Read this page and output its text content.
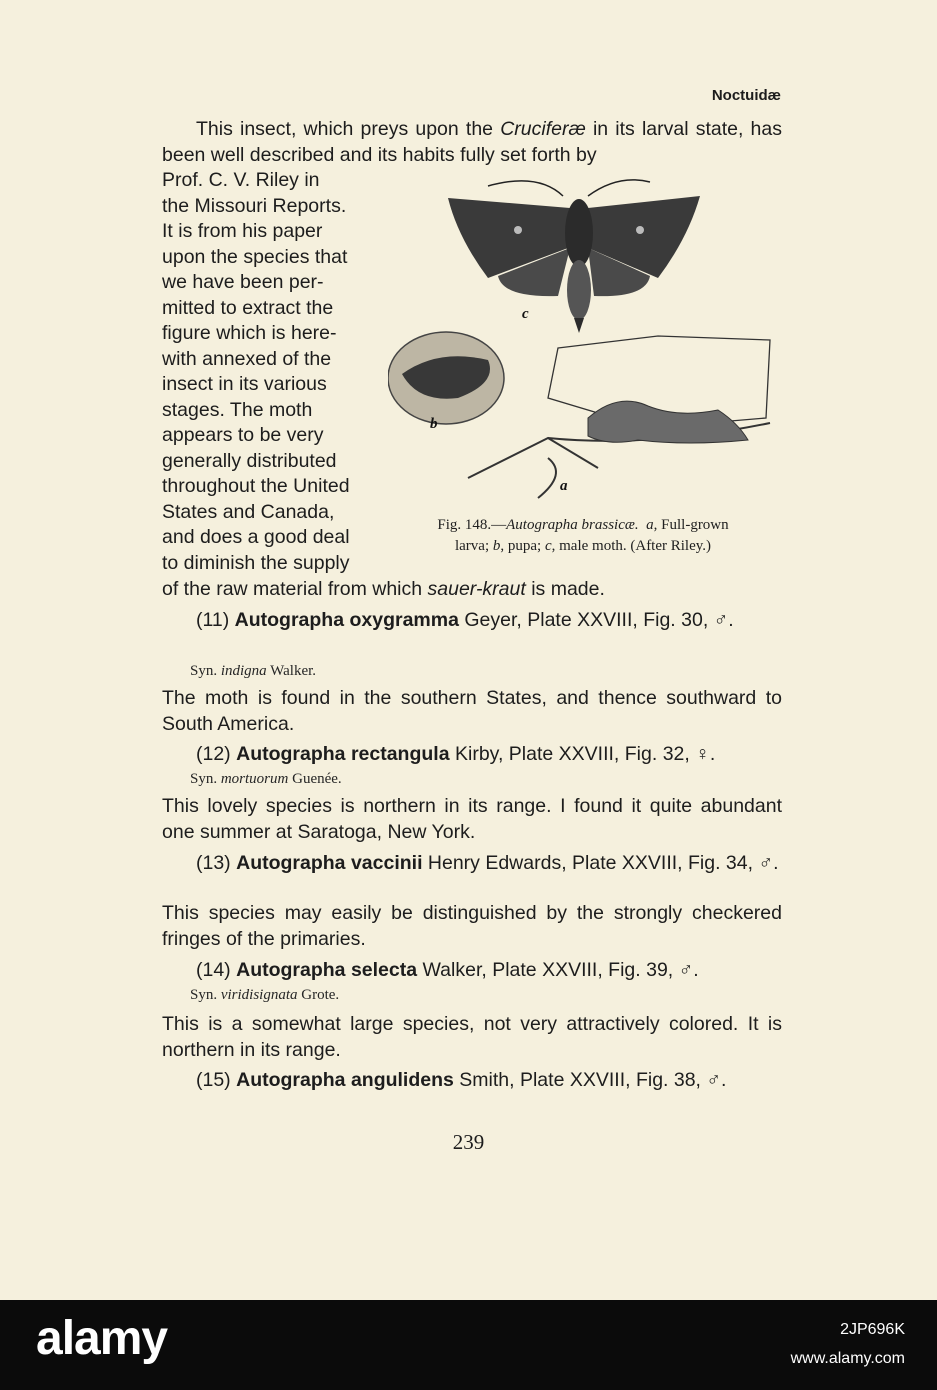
Noctuidæ
This insect, which preys upon the Cruciferæ in its larval state, has been well described and its habits fully set forth by
Prof. C. V. Riley in
the Missouri Reports.
It is from his paper
upon the species that
we have been per-
mitted to extract the
figure which is here-
with annexed of the
insect in its various
stages. The moth
appears to be very
generally distributed
throughout the United
States and Canada,
and does a good deal
to diminish the supply
c
b
a
Fig. 148.—Autographa brassicæ. a, Full-grown
larva; b, pupa; c, male moth. (After Riley.)
of the raw material from which sauer-kraut is made.
(11) Autographa oxygramma Geyer, Plate XXVIII, Fig. 30, ♂.
Syn. indigna Walker.
The moth is found in the southern States, and thence southward to South America.
(12) Autographa rectangula Kirby, Plate XXVIII, Fig. 32, ♀.
Syn. mortuorum Guenée.
This lovely species is northern in its range. I found it quite abundant one summer at Saratoga, New York.
(13) Autographa vaccinii Henry Edwards, Plate XXVIII, Fig. 34, ♂.
This species may easily be distinguished by the strongly checkered fringes of the primaries.
(14) Autographa selecta Walker, Plate XXVIII, Fig. 39, ♂.
Syn. viridisignata Grote.
This is a somewhat large species, not very attractively colored. It is northern in its range.
(15) Autographa angulidens Smith, Plate XXVIII, Fig. 38, ♂.
239
alamy	2JP696K
www.alamy.com
